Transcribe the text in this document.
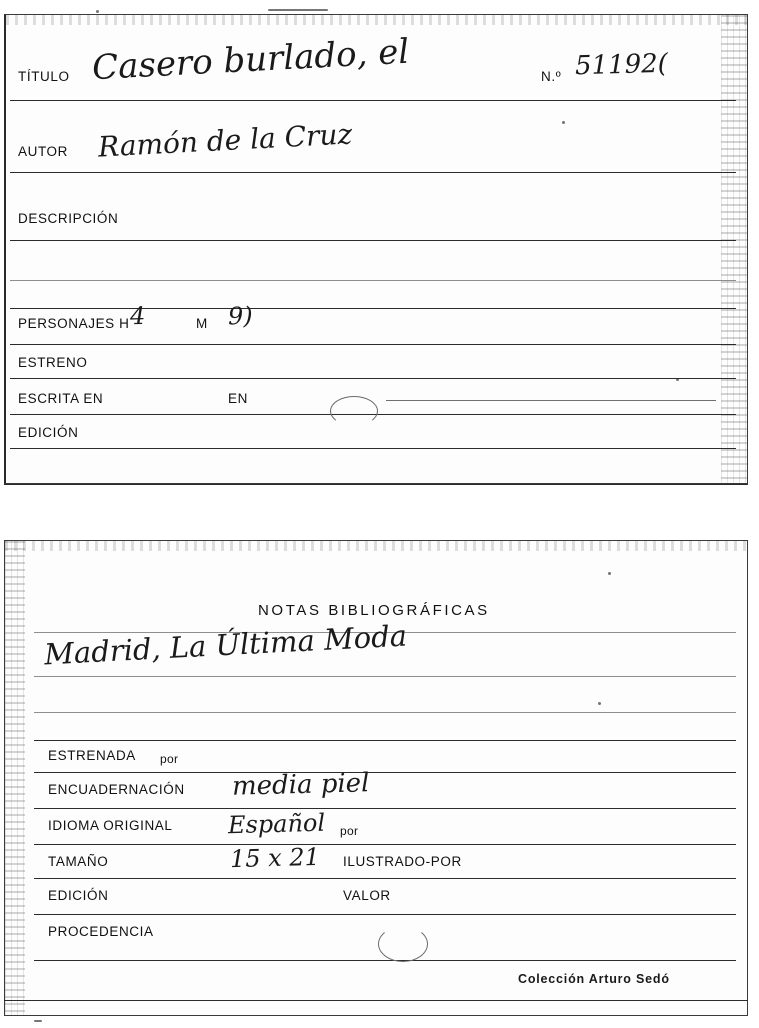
TÍTULO
AUTOR
DESCRIPCIÓN
PERSONAJES H
ESTRENO
ESCRITA EN
EDICIÓN
EN
N.º
M
Casero burlado, el
Ramón de la Cruz
51192(
4	9)
NOTAS BIBLIOGRÁFICAS
ESTRENADA por
ENCUADERNACIÓN
IDIOMA ORIGINAL	por
TAMAÑO
EDICIÓN
PROCEDENCIA
ILUSTRADO-POR
VALOR
Madrid, La Última Moda
media piel
Español
15 x 21
Colección Arturo Sedó
